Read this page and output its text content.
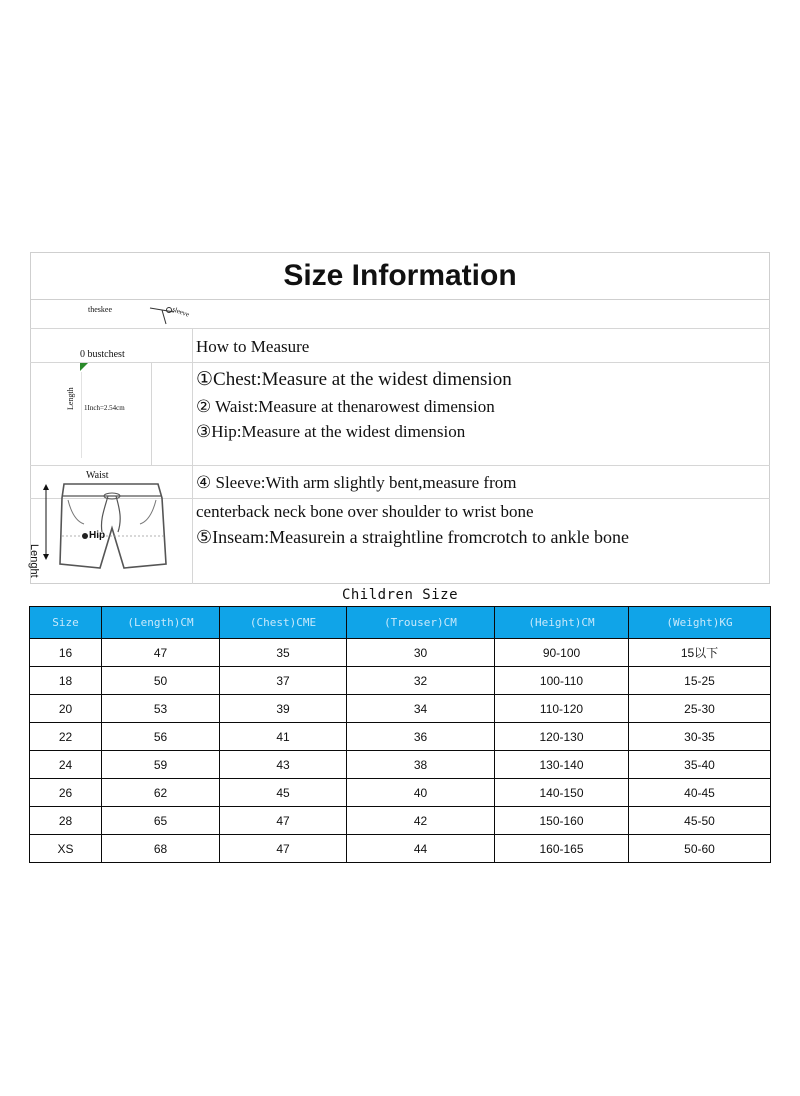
Size Information
theskee	sleeve
0 bustchest	How to Measure
Length 1Inch=2.54cm
①Chest:Measure at the widest dimension
② Waist:Measure at thenarowest dimension
③Hip:Measure at the widest dimension
Waist
Lenght
Hip
④ Sleeve:With arm slightly bent,measure from
centerback neck bone over shoulder to wrist bone
⑤Inseam:Measurein a straightline fromcrotch to ankle bone
Children Size
Size	(Length)CM	(Chest)CME	(Trouser)CM	(Height)CM	(Weight)KG
16	47	35	30	90-100	15以下
18	50	37	32	100-110	15-25
20	53	39	34	110-120	25-30
22	56	41	36	120-130	30-35
24	59	43	38	130-140	35-40
26	62	45	40	140-150	40-45
28	65	47	42	150-160	45-50
XS	68	47	44	160-165	50-60
